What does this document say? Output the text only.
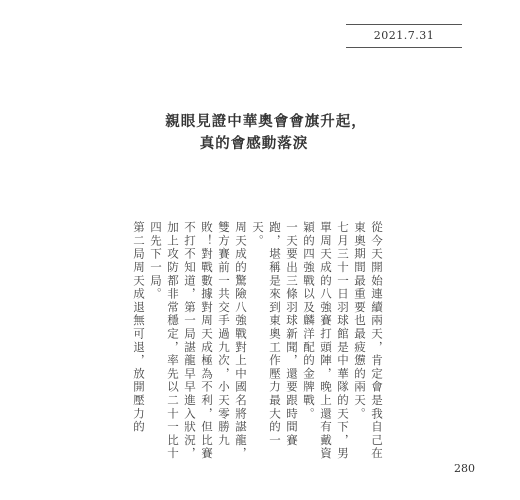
2021.7.31
親眼見證中華奧會會旗升起，
真的會感動落淚
從今天開始連續兩天，肯定會是我自己在東奧期間最重要也最疲憊的兩天。
七月三十一日羽球館是中華隊的天下，男單周天成的八強賽打頭陣，晚上還有戴資穎的四強戰以及麟洋配的金牌戰。
一天要出三條羽球新聞，還要跟時間賽跑，堪稱是來到東奧工作壓力最大的一天。
周天成的驚險八強戰對上中國名將諶龍，雙方賽前一共交手過九次，小天零勝九敗！對戰數據對周天成極為不利，但比賽不打不知道，第一局諶龍早早進入狀況，加上攻防都非常穩定，率先以二十一比十四先下一局。
第二局周天成退無可退，放開壓力的
280
